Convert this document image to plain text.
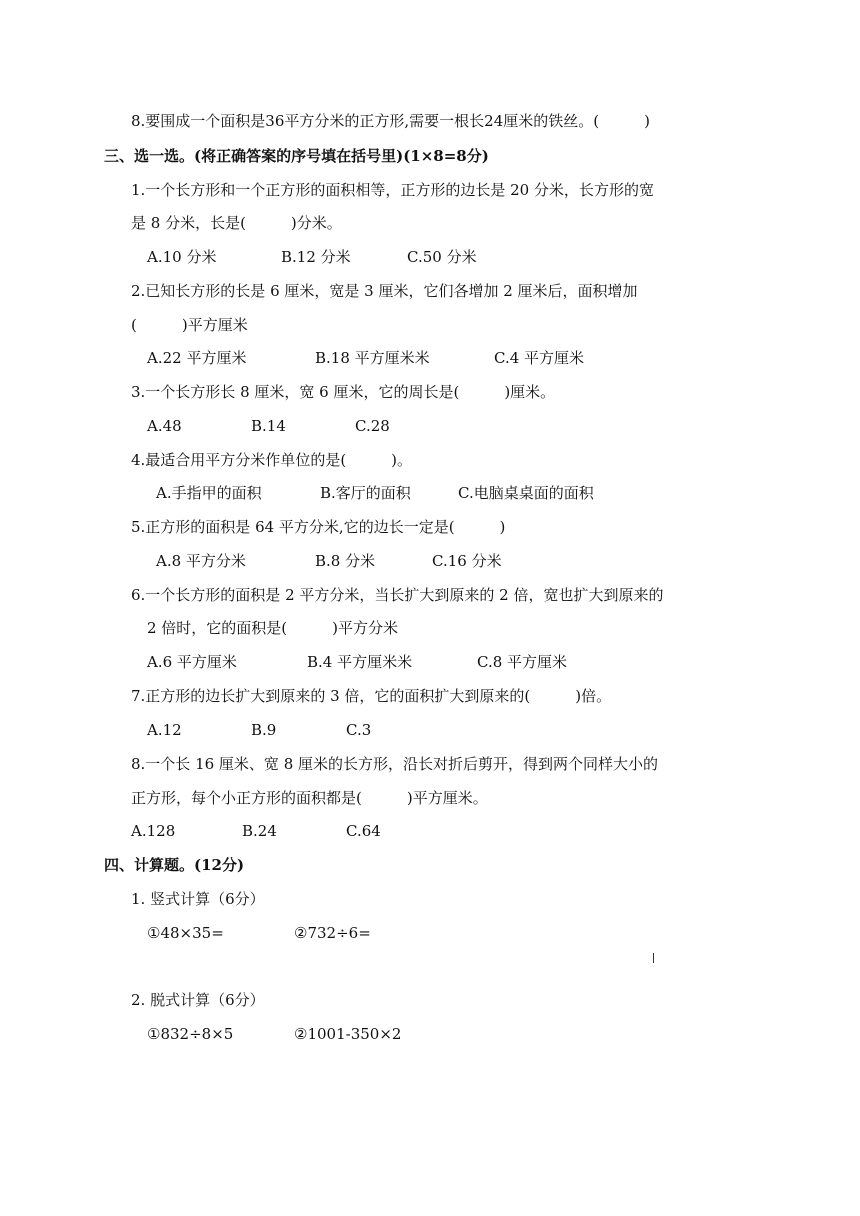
8.要围成一个面积是36平方分米的正方形,需要一根长24厘米的铁丝。(　　　)
三、选一选。(将正确答案的序号填在括号里)(1×8=8分)
1.一个长方形和一个正方形的面积相等，正方形的边长是 20 分米，长方形的宽
是 8 分米，长是(　　　)分米。
A.10 分米	B.12 分米	C.50 分米
2.已知长方形的长是 6 厘米，宽是 3 厘米，它们各增加 2 厘米后，面积增加
(　　　)平方厘米
A.22 平方厘米	B.18 平方厘米米	C.4 平方厘米
3.一个长方形长 8 厘米，宽 6 厘米，它的周长是(　　　)厘米。
A.48	B.14	C.28
4.最适合用平方分米作单位的是(　　　)。
A.手指甲的面积	B.客厅的面积	C.电脑桌桌面的面积
5.正方形的面积是 64 平方分米,它的边长一定是(　　　)
A.8 平方分米	B.8 分米	C.16 分米
6.一个长方形的面积是 2 平方分米，当长扩大到原来的 2 倍，宽也扩大到原来的
2 倍时，它的面积是(　　　)平方分米
A.6 平方厘米	B.4 平方厘米米	C.8 平方厘米
7.正方形的边长扩大到原来的 3 倍，它的面积扩大到原来的(　　　)倍。
A.12	B.9	C.3
8.一个长 16 厘米、宽 8 厘米的长方形，沿长对折后剪开，得到两个同样大小的
正方形，每个小正方形的面积都是(　　　)平方厘米。
A.128	B.24	C.64
四、计算题。(12分)
1. 竖式计算（6分）
①48×35=	②732÷6=
2. 脱式计算（6分）
①832÷8×5	②1001-350×2
